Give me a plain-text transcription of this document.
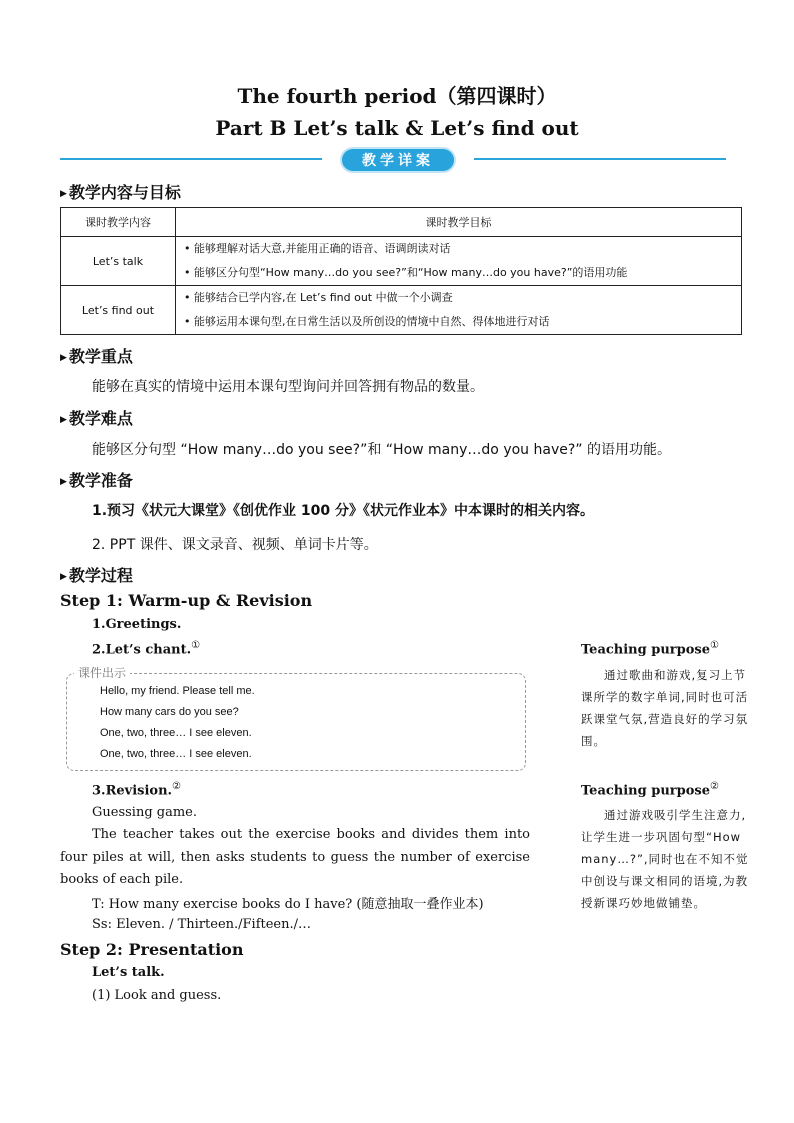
The fourth period（第四课时）
Part B Let’s talk & Let’s find out
教学详案
▶ 教学内容与目标
课时教学内容	课时教学目标
Let’s talk	• 能够理解对话大意,并能用正确的语音、语调朗读对话
• 能够区分句型“How many…do you see?”和“How many…do you have?”的语用功能

Let’s find out	• 能够结合已学内容,在 Let’s find out 中做一个小调查
• 能够运用本课句型,在日常生活以及所创设的情境中自然、得体地进行对话
▶ 教学重点
能够在真实的情境中运用本课句型询问并回答拥有物品的数量。
▶ 教学难点
能够区分句型 “How many…do you see?”和 “How many…do you have?” 的语用功能。
▶ 教学准备
1.预习《状元大课堂》《创优作业 100 分》《状元作业本》中本课时的相关内容。
2. PPT 课件、课文录音、视频、单词卡片等。
▶ 教学过程
Step 1: Warm-up & Revision
1.Greetings.
2.Let’s chant.①
课件出示
Hello, my friend. Please tell me.
How many cars do you see?
One, two, three… I see eleven.
One, two, three… I see eleven.
3.Revision.②
Guessing game.
The teacher takes out the exercise books and divides them into four piles at will, then asks students to guess the number of exercise books of each pile.
T: How many exercise books do I have? (随意抽取一叠作业本)
Ss: Eleven. / Thirteen./Fifteen./…
Step 2: Presentation
Let’s talk.
(1) Look and guess.
Teaching purpose①
通过歌曲和游戏,复习上节课所学的数字单词,同时也可活跃课堂气氛,营造良好的学习氛围。
Teaching purpose②
通过游戏吸引学生注意力,让学生进一步巩固句型“How many…?”,同时也在不知不觉中创设与课文相同的语境,为教授新课巧妙地做铺垫。
